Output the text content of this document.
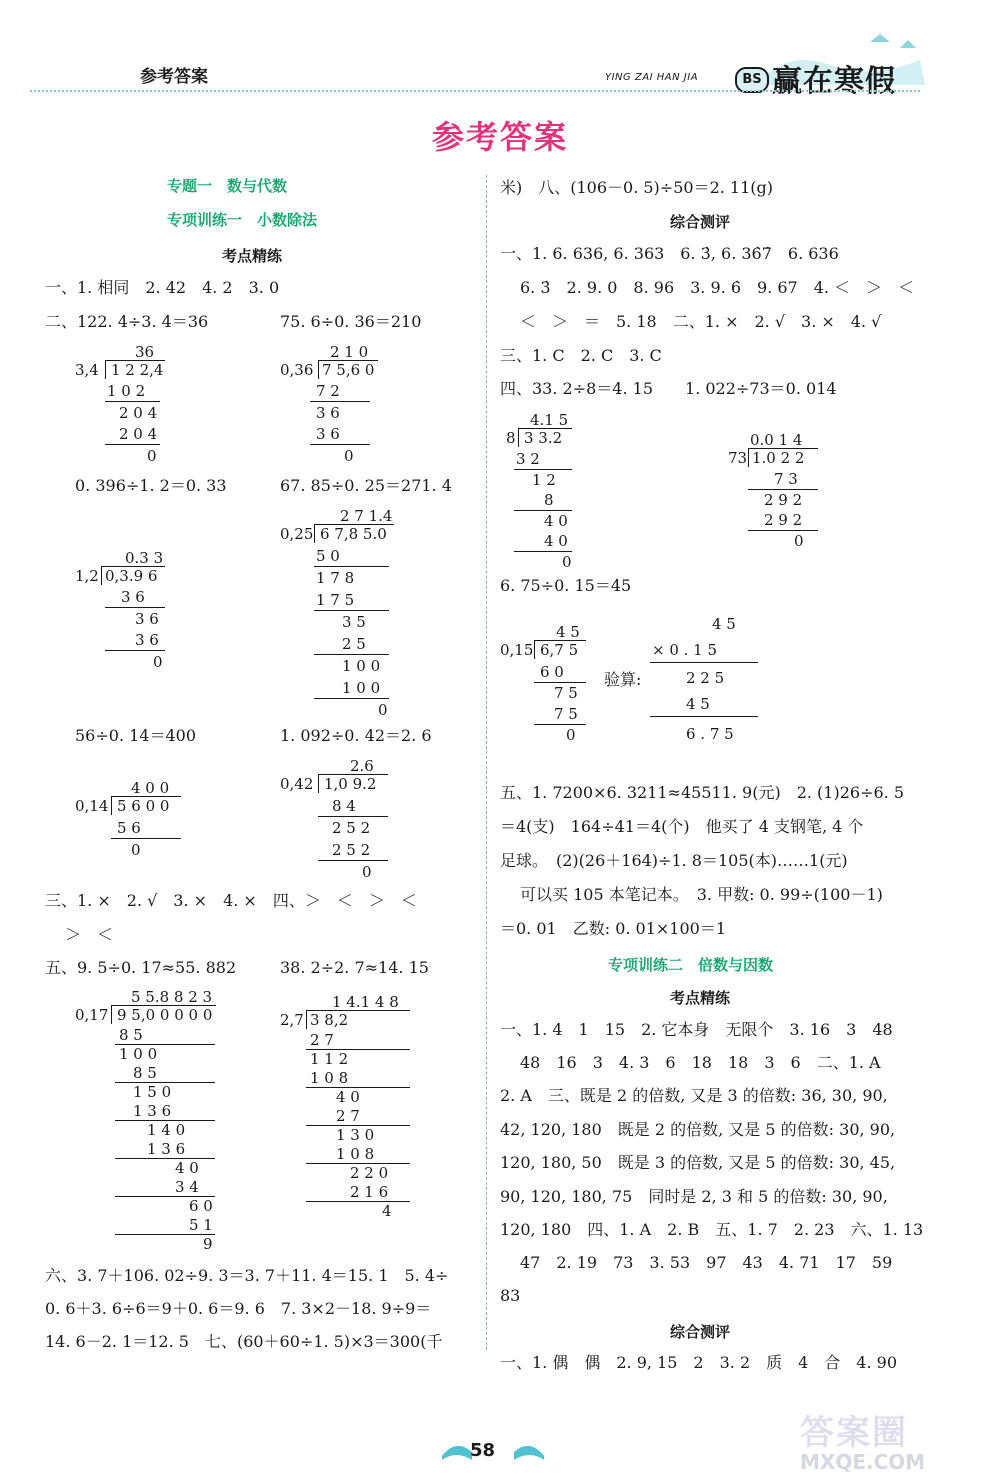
参考答案	YING ZAI HAN JIA	BS 赢在寒假
参考答案
专题一　数与代数
专项训练一　小数除法
考点精练
一、1. 相同　2. 42　4. 2　3. 0
二、122. 4÷3. 4＝36	75. 6÷0. 36＝210
36
3,4 1 2 2,4
1 0 2
2 0 4
2 0 4
0
2 1 0
0,36 7 5,6 0
7 2
3 6
3 6
0
0. 396÷1. 2＝0. 33	67. 85÷0. 25＝271. 4
0.3 3
1,2 0,3.9 6
3 6
3 6
3 6
0
2 7 1.4
0,25 6 7,8 5.0
5 0
1 7 8
1 7 5
3 5
2 5
1 0 0
1 0 0
0
56÷0. 14＝400	1. 092÷0. 42＝2. 6
4 0 0
0,14 5 6 0 0
5 6
0
2.6
0,42 1,0 9.2
8 4
2 5 2
2 5 2
0
三、1. ×　2. √　3. ×　4. ×　四、＞　＜　＞　＜
＞　＜
五、9. 5÷0. 17≈55. 882	38. 2÷2. 7≈14. 15
5 5.8 8 2 3
0,17 9 5,0 0 0 0 0
8 5
1 0 0
8 5
1 5 0
1 3 6
1 4 0
1 3 6
4 0
3 4
6 0
5 1
9
1 4.1 4 8
2,7 3 8,2
2 7
1 1 2
1 0 8
4 0
2 7
1 3 0
1 0 8
2 2 0
2 1 6
4
六、3. 7＋106. 02÷9. 3＝3. 7＋11. 4＝15. 1　5. 4÷
0. 6＋3. 6÷6＝9＋0. 6＝9. 6　7. 3×2－18. 9÷9＝
14. 6－2. 1＝12. 5　七、(60＋60÷1. 5)×3＝300(千
米)　八、(106－0. 5)÷50＝2. 11(g)
综合测评
一、1. 6. 636, 6. 363　6. 3̇, 6. 36̇7̇　6. 636
6. 3̇　2. 9. 0　8. 96　3. 9. 6̇　9. 67　4. ＜　＞　＜
＜　＞　＝　5. 18　二、1. ×　2. √　3. ×　4. √
三、1. C　2. C　3. C
四、33. 2÷8＝4. 15　　1. 022÷73＝0. 014
4.1 5
8 3 3.2
3 2
1 2
8
4 0
4 0
0
0.0 1 4
73 1.0 2 2
7 3
2 9 2
2 9 2
0
6. 75÷0. 15＝45
4 5
0,15 6,7 5
6 0
7 5
7 5
0
验算:
4 5
× 0 . 1 5
2 2 5
4 5
6 . 7 5
五、1. 7200×6. 3211≈45511. 9(元)　2. (1)26÷6. 5
＝4(支)　164÷41＝4(个)　他买了 4 支钢笔, 4 个
足球。　(2)(26＋164)÷1. 8＝105(本)……1(元)
可以买 105 本笔记本。　3. 甲数: 0. 99÷(100－1)
＝0. 01　乙数: 0. 01×100＝1
专项训练二　倍数与因数
考点精练
一、1. 4　1　15　2. 它本身　无限个　3. 16　3　48
48　16　3　4. 3　6　18　18　3　6　二、1. A
2. A　三、既是 2 的倍数, 又是 3 的倍数: 36, 30, 90,
42, 120, 180　既是 2 的倍数, 又是 5 的倍数: 30, 90,
120, 180, 50　既是 3 的倍数, 又是 5 的倍数: 30, 45,
90, 120, 180, 75　同时是 2, 3 和 5 的倍数: 30, 90,
120, 180　四、1. A　2. B　五、1. 7　2. 23　六、1. 13
47　2. 19　73　3. 53　97　43　4. 71　17　59
83
综合测评
一、1. 偶　偶　2. 9, 15　2　3. 2　质　4　合　4. 90
58	答案圈
MXQE.COM
